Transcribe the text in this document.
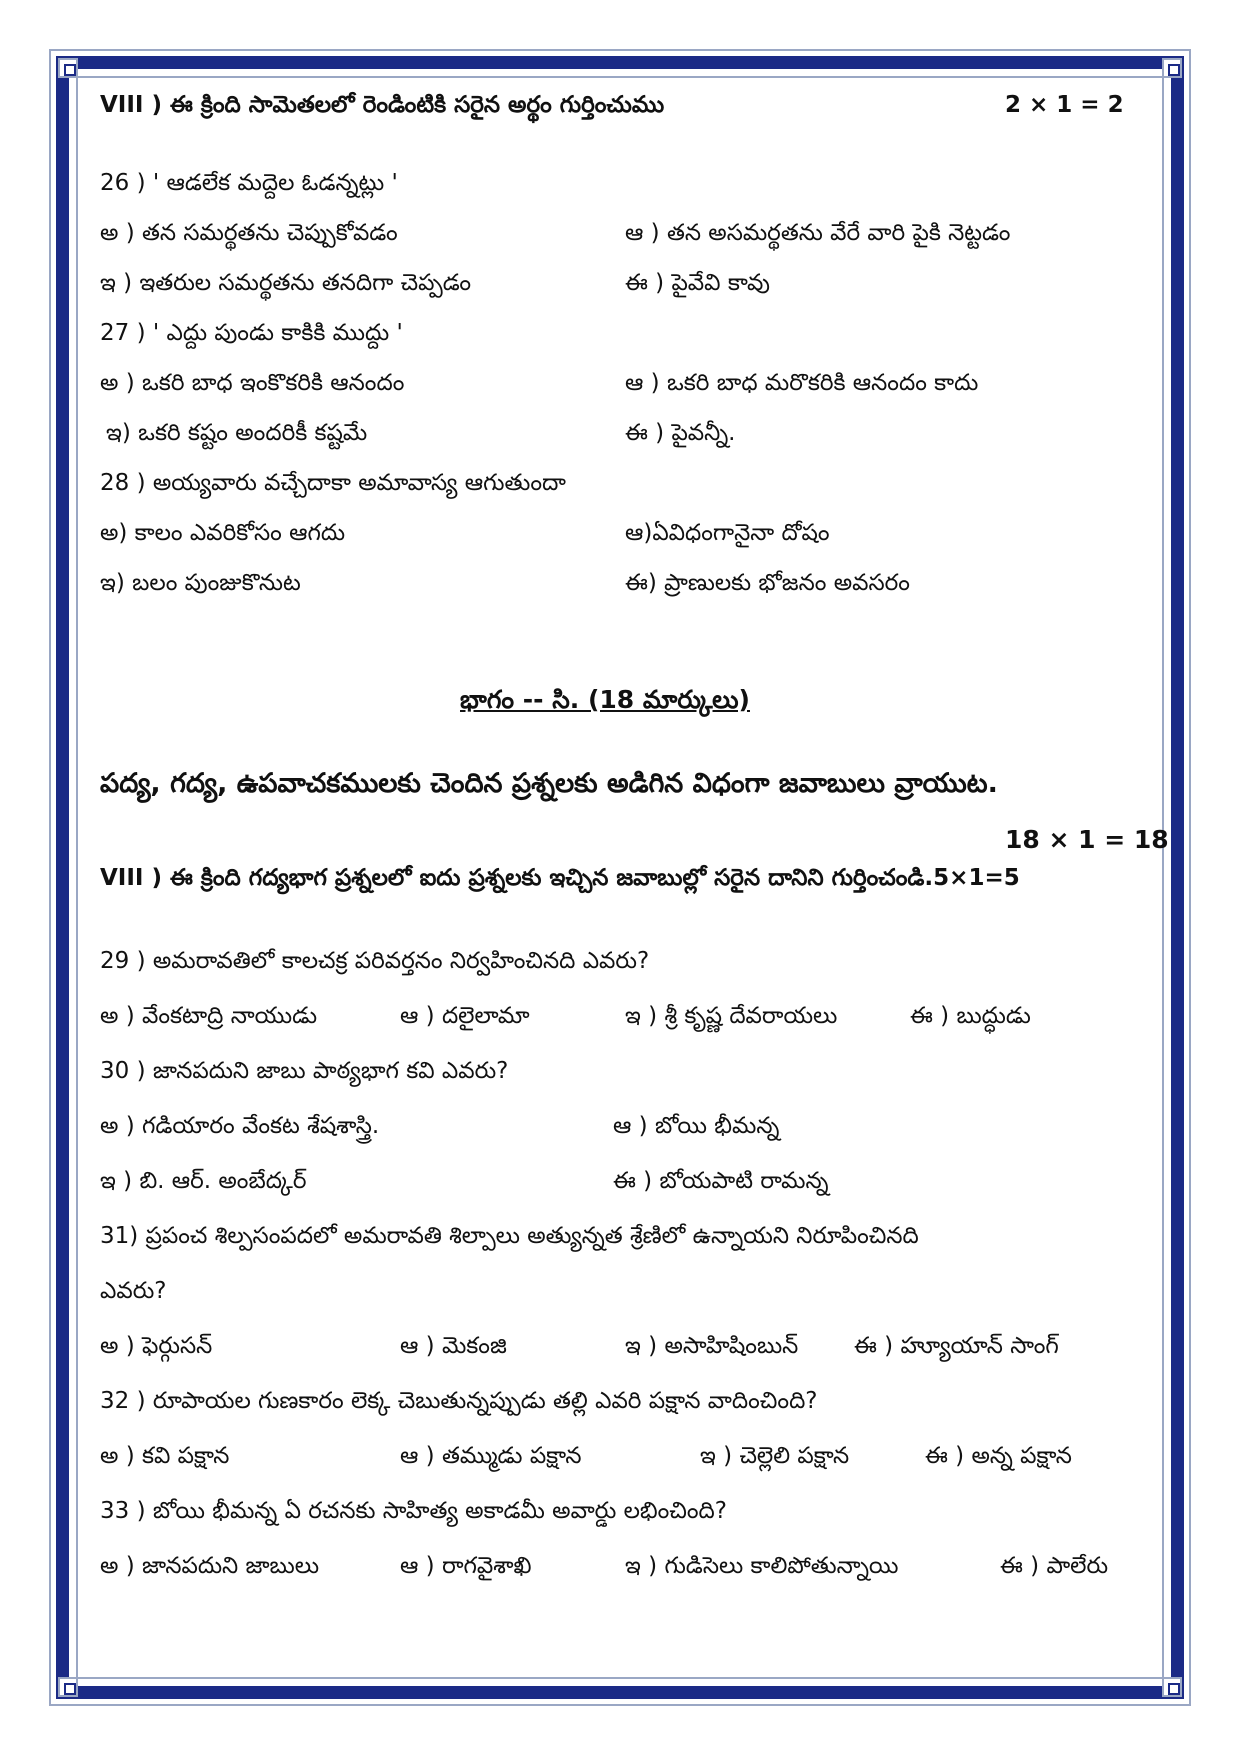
VIII ) ఈ క్రింది సామెతలలో రెండింటికి సరైన అర్థం గుర్తించుము	2 × 1 = 2
26 ) ' ఆడలేక మద్దెల ఓడన్నట్లు '
అ ) తన సమర్థతను చెప్పుకోవడం	ఆ ) తన అసమర్థతను వేరే వారి పైకి నెట్టడం
ఇ ) ఇతరుల సమర్థతను తనదిగా చెప్పడం	ఈ ) పైవేవి కావు
27 ) ' ఎద్దు పుండు కాకికి ముద్దు '
అ ) ఒకరి బాధ ఇంకొకరికి ఆనందం	ఆ ) ఒకరి బాధ మరొకరికి ఆనందం కాదు
ఇ) ఒకరి కష్టం అందరికీ కష్టమే	ఈ ) పైవన్నీ.
28 ) అయ్యవారు వచ్చేదాకా అమావాస్య ఆగుతుందా
అ) కాలం ఎవరికోసం ఆగదు	ఆ)ఏవిధంగానైనా దోషం
ఇ) బలం పుంజుకొనుట	ఈ) ప్రాణులకు భోజనం అవసరం
భాగం -- సి. (18 మార్కులు)
పద్య, గద్య, ఉపవాచకములకు చెందిన ప్రశ్నలకు అడిగిన విధంగా జవాబులు వ్రాయుట.
18 × 1 = 18
VIII ) ఈ క్రింది గద్యభాగ ప్రశ్నలలో ఐదు ప్రశ్నలకు ఇచ్చిన జవాబుల్లో సరైన దానిని గుర్తించండి.5×1=5
29 ) అమరావతిలో కాలచక్ర పరివర్తనం నిర్వహించినది ఎవరు?
అ ) వేంకటాద్రి నాయుడు	ఆ ) దలైలామా	ఇ ) శ్రీ కృష్ణ దేవరాయలు	ఈ ) బుద్ధుడు
30 ) జానపదుని జాబు పాఠ్యభాగ కవి ఎవరు?
అ ) గడియారం వేంకట శేషశాస్త్రి.	ఆ ) బోయి భీమన్న
ఇ ) బి. ఆర్. అంబేద్కర్	ఈ ) బోయపాటి రామన్న
31) ప్రపంచ శిల్పసంపదలో అమరావతి శిల్పాలు అత్యున్నత శ్రేణిలో ఉన్నాయని నిరూపించినది
ఎవరు?
అ ) ఫెర్గుసన్	ఆ ) మెకంజి	ఇ ) అసాహిషింబున్ ఈ ) హ్యూయాన్ సాంగ్
32 ) రూపాయల గుణకారం లెక్క చెబుతున్నప్పుడు తల్లి ఎవరి పక్షాన వాదించింది?
అ ) కవి పక్షాన	ఆ ) తమ్ముడు పక్షాన	ఇ ) చెల్లెలి పక్షాన	ఈ ) అన్న పక్షాన
33 ) బోయి భీమన్న ఏ రచనకు సాహిత్య అకాడమీ అవార్డు లభించింది?
అ ) జానపదుని జాబులు	ఆ ) రాగవైశాఖి	ఇ ) గుడిసెలు కాలిపోతున్నాయి	ఈ ) పాలేరు
